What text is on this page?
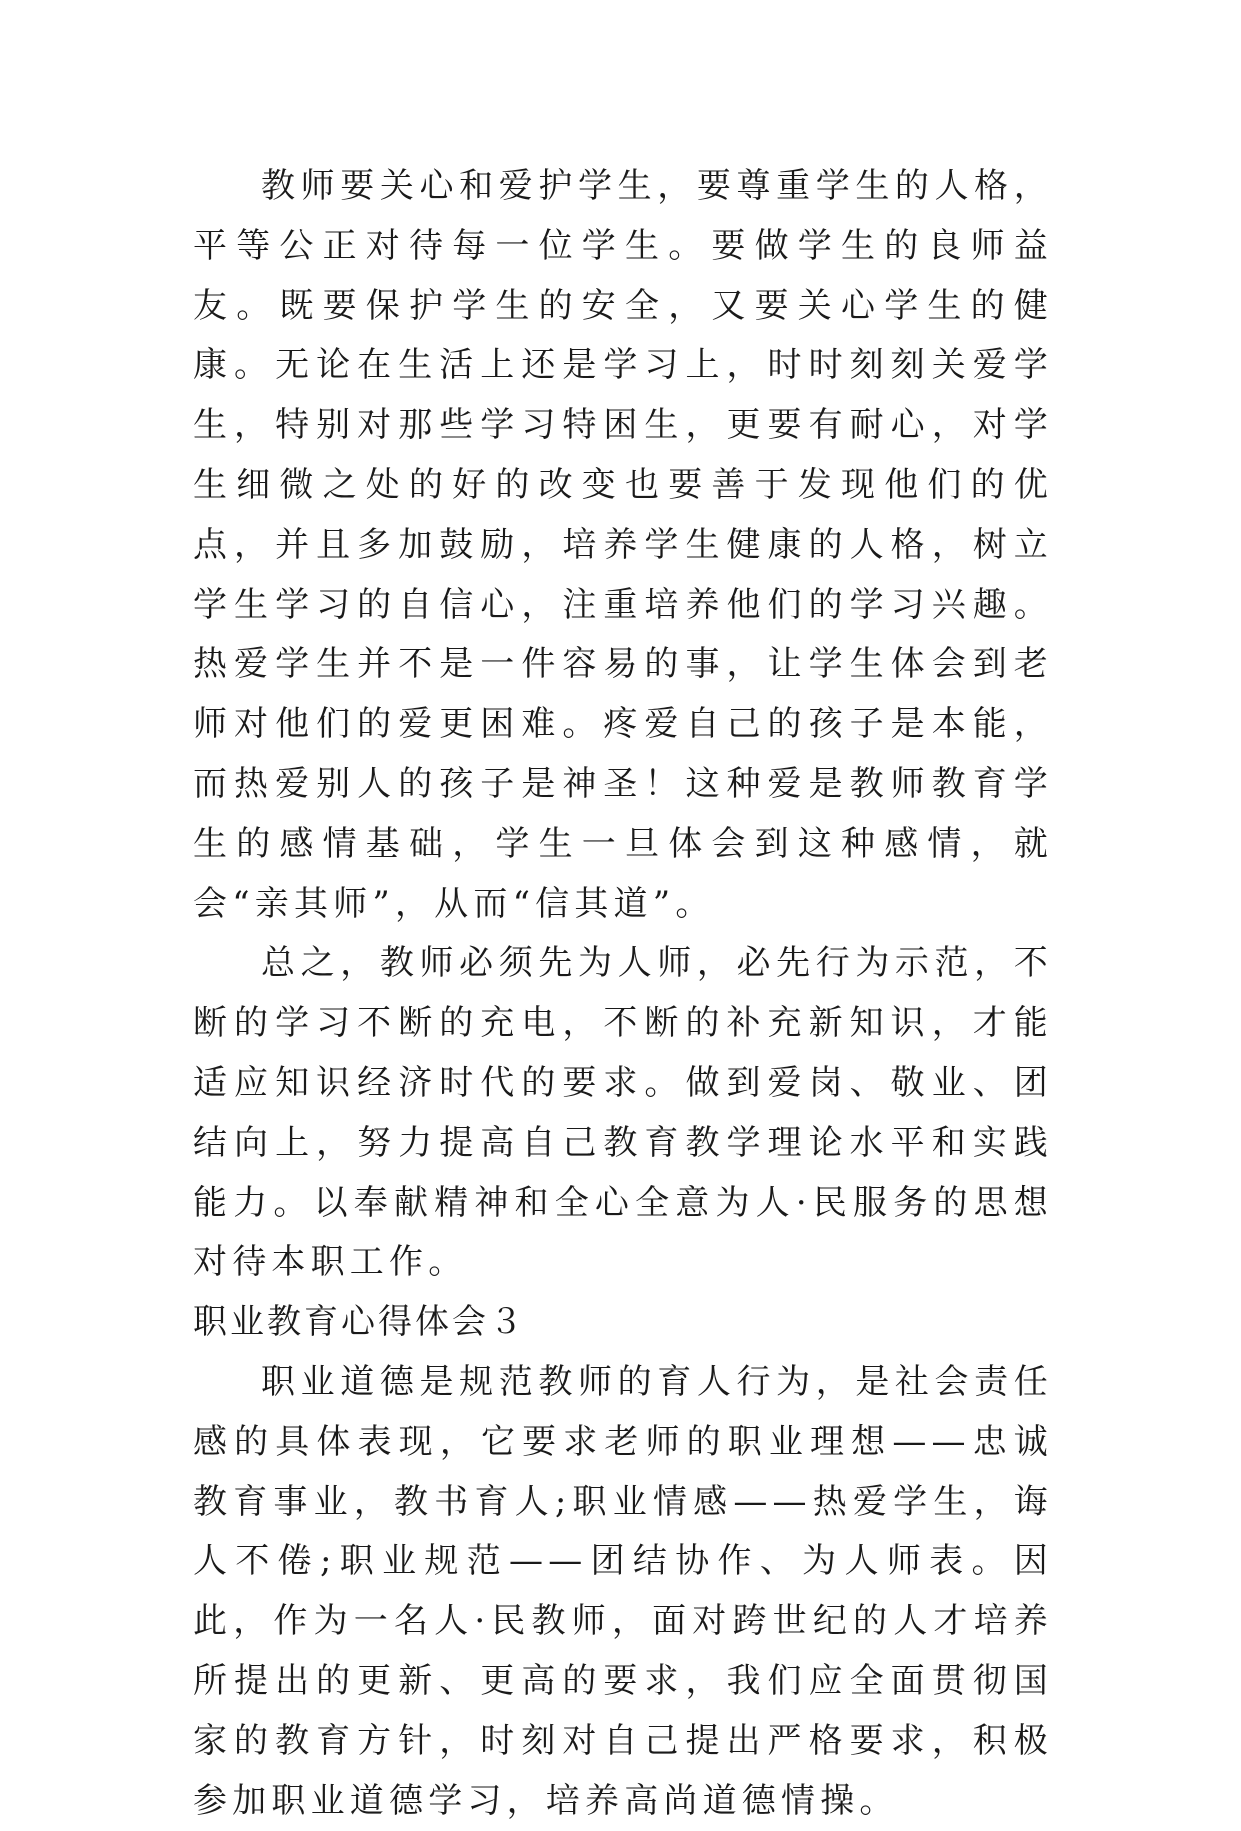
教师要关心和爱护学生，要尊重学生的人格，平等公正对待每一位学生。要做学生的良师益友。既要保护学生的安全，又要关心学生的健康。无论在生活上还是学习上，时时刻刻关爱学生，特别对那些学习特困生，更要有耐心，对学生细微之处的好的改变也要善于发现他们的优点，并且多加鼓励，培养学生健康的人格，树立学生学习的自信心，注重培养他们的学习兴趣。热爱学生并不是一件容易的事，让学生体会到老师对他们的爱更困难。疼爱自己的孩子是本能，而热爱别人的孩子是神圣！这种爱是教师教育学生的感情基础，学生一旦体会到这种感情，就会“亲其师”，从而“信其道”。

总之，教师必须先为人师，必先行为示范，不断的学习不断的充电，不断的补充新知识，才能适应知识经济时代的要求。做到爱岗、敬业、团结向上，努力提高自己教育教学理论水平和实践能力。以奉献精神和全心全意为人·民服务的思想对待本职工作。

职业教育心得体会３

职业道德是规范教师的育人行为，是社会责任感的具体表现，它要求老师的职业理想——忠诚教育事业，教书育人;职业情感——热爱学生，诲人不倦;职业规范——团结协作、为人师表。因此，作为一名人·民教师，面对跨世纪的人才培养所提出的更新、更高的要求，我们应全面贯彻国家的教育方针，时刻对自己提出严格要求，积极参加职业道德学习，培养高尚道德情操。
